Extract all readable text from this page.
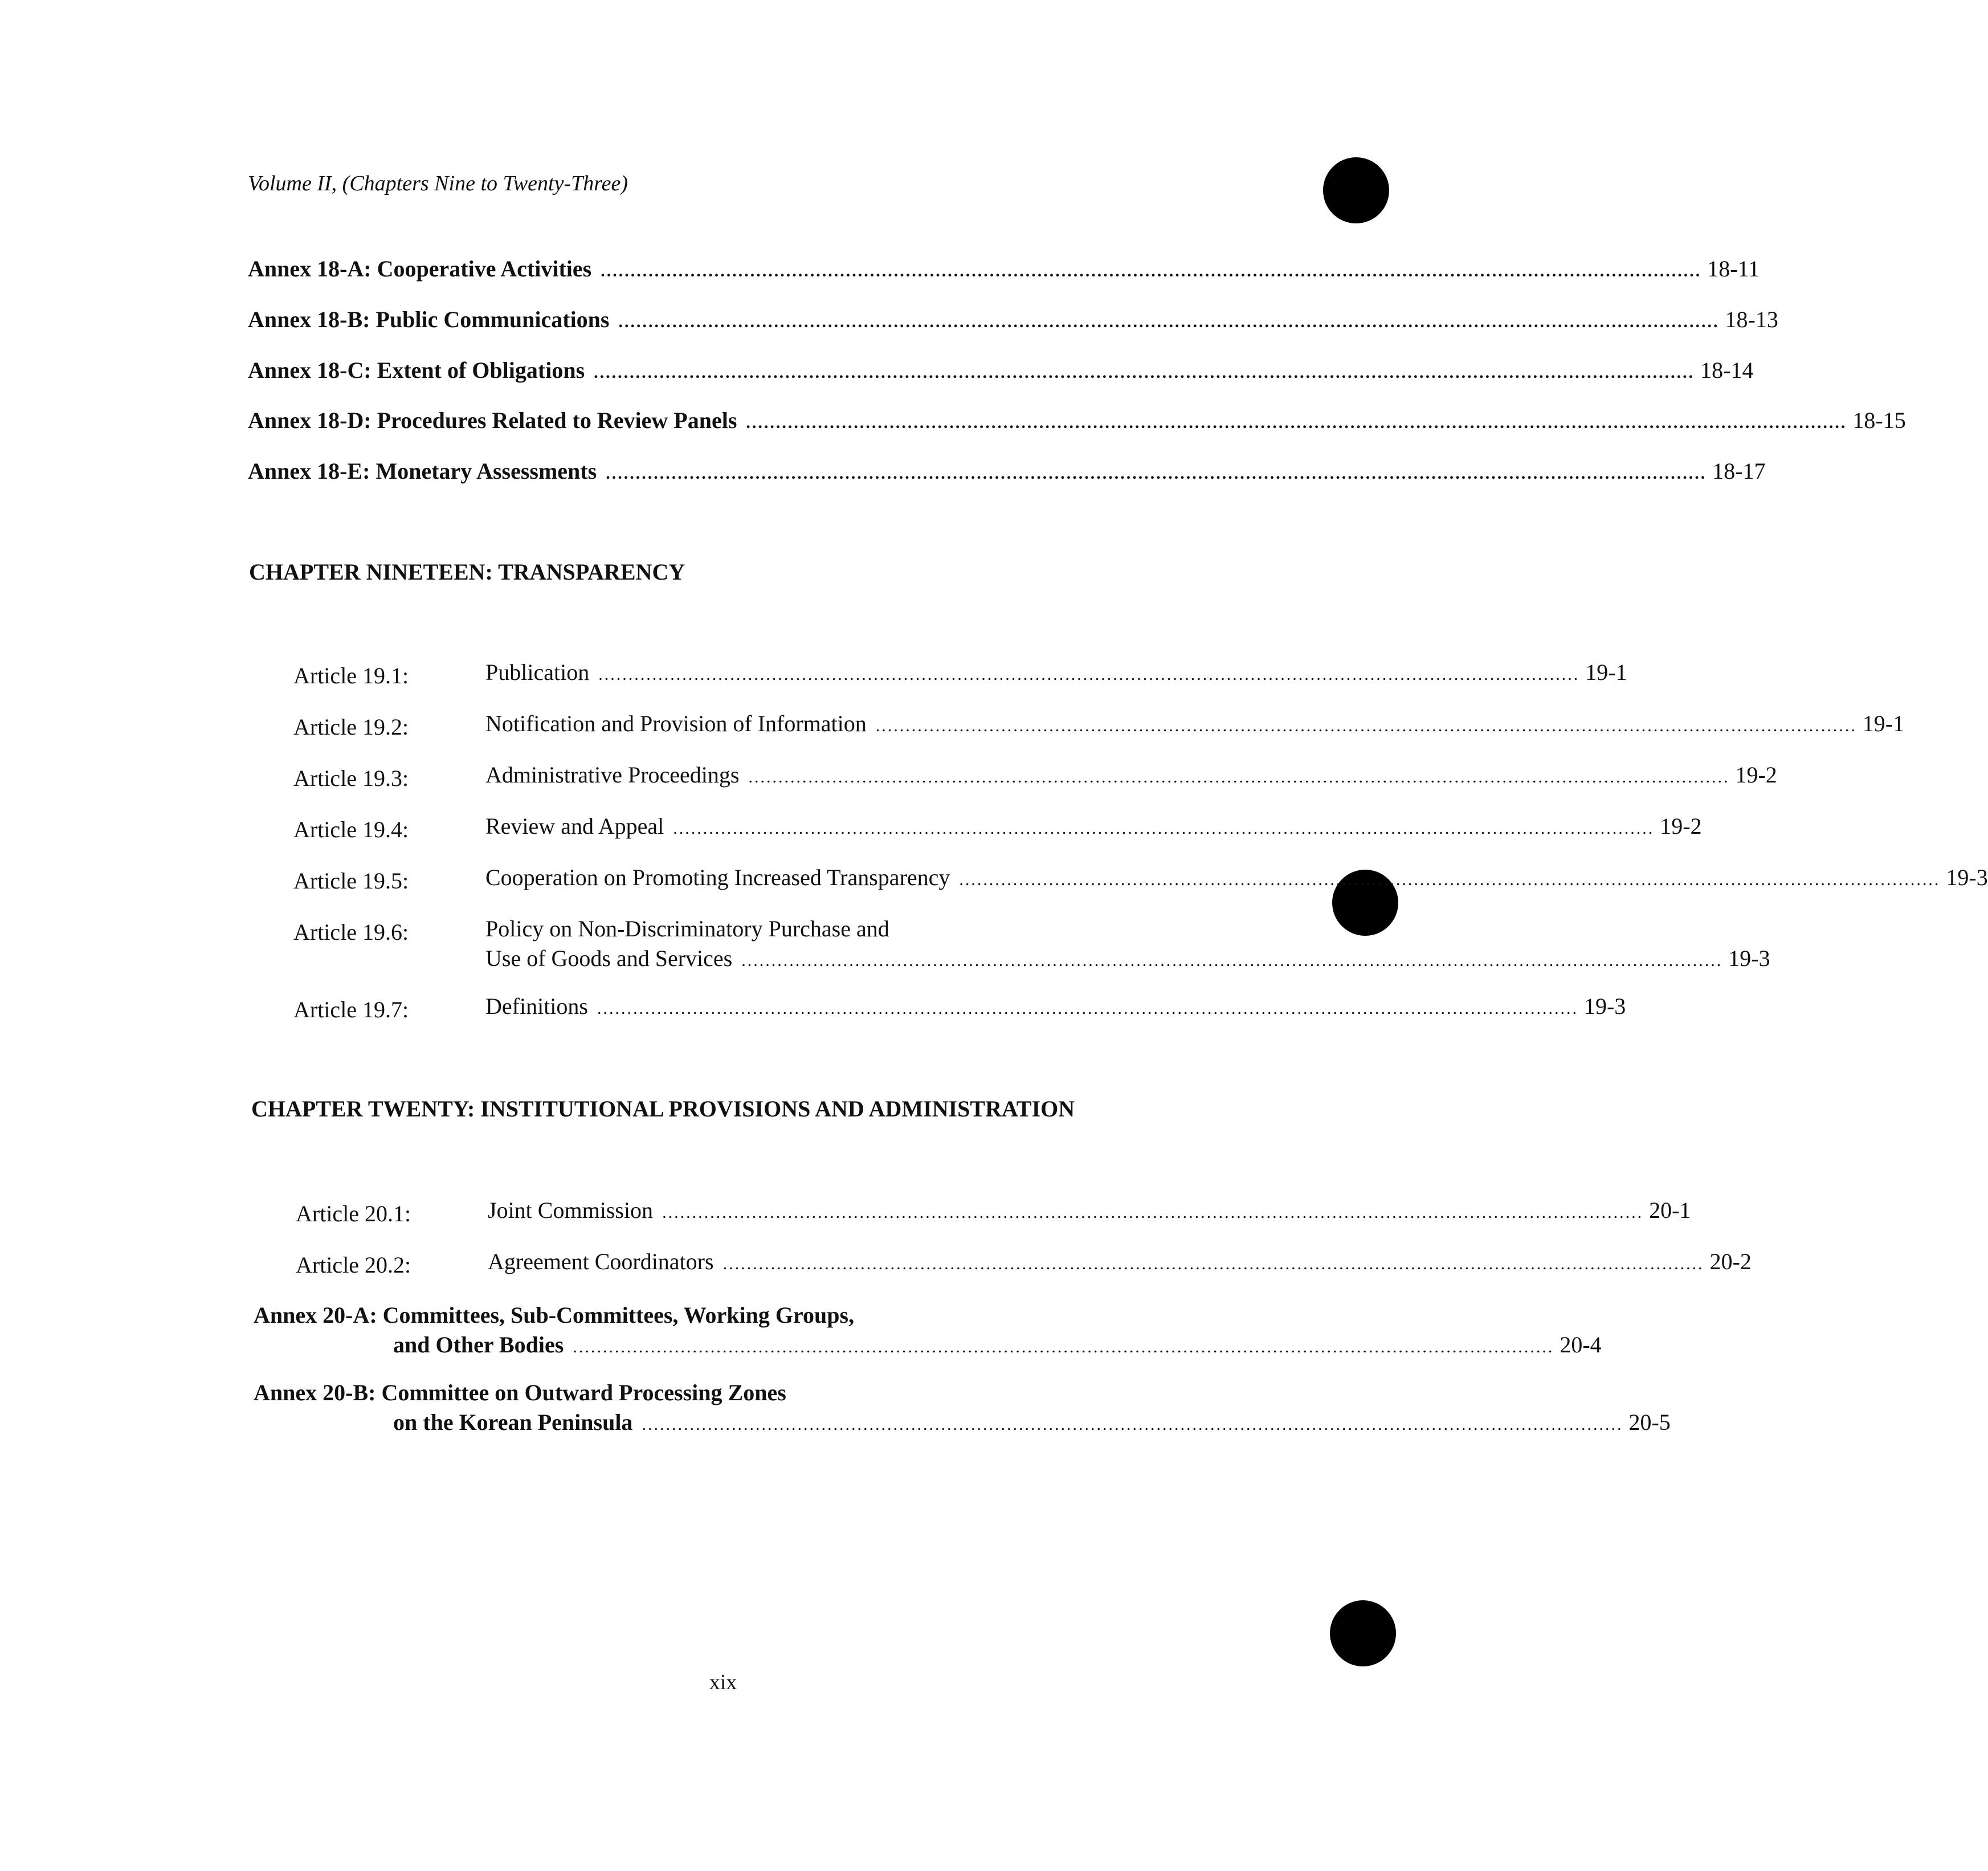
Volume II, (Chapters Nine to Twenty-Three)
Annex 18-A: Cooperative Activities ........................................................................................................................................................................................ 18-11
Annex 18-B: Public Communications ........................................................................................................................................................................................ 18-13
Annex 18-C: Extent of Obligations ........................................................................................................................................................................................ 18-14
Annex 18-D: Procedures Related to Review Panels ........................................................................................................................................................................................ 18-15
Annex 18-E: Monetary Assessments ........................................................................................................................................................................................ 18-17
CHAPTER NINETEEN: TRANSPARENCY
Article 19.1:	Publication .................................................................................................................................................................... 19-1
Article 19.2:	Notification and Provision of Information .................................................................................................................................................................... 19-1
Article 19.3:	Administrative Proceedings .................................................................................................................................................................... 19-2
Article 19.4:	Review and Appeal .................................................................................................................................................................... 19-2
Article 19.5:	Cooperation on Promoting Increased Transparency .................................................................................................................................................................... 19-3
Article 19.6:	Policy on Non-Discriminatory Purchase and
Use of Goods and Services .................................................................................................................................................................... 19-3
Article 19.7:	Definitions .................................................................................................................................................................... 19-3
CHAPTER TWENTY: INSTITUTIONAL PROVISIONS AND ADMINISTRATION
Article 20.1:	Joint Commission .................................................................................................................................................................... 20-1
Article 20.2:	Agreement Coordinators .................................................................................................................................................................... 20-2
Annex 20-A: Committees, Sub-Committees, Working Groups,
and Other Bodies .................................................................................................................................................................... 20-4
Annex 20-B: Committee on Outward Processing Zones
on the Korean Peninsula .................................................................................................................................................................... 20-5
xix
